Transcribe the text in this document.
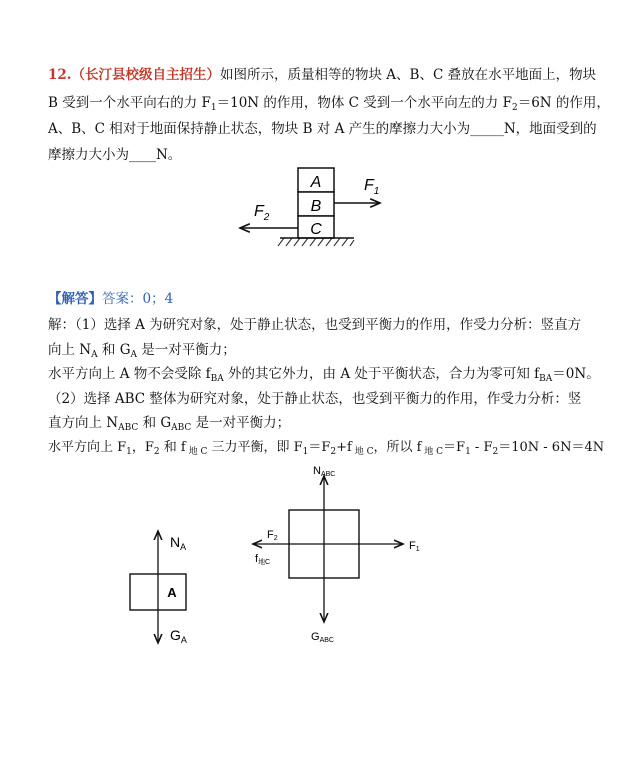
12.（长汀县校级自主招生）如图所示，质量相等的物块 A、B、C 叠放在水平地面上，物块
B 受到一个水平向右的力 $F_1=10N$ 的作用，物体 C 受到一个水平向左的力 $F_2=6N$ 的作用，
A、B、C 相对于地面保持静止状态，物块 B 对 A 产生的摩擦力大小为_____N，地面受到的
摩擦力大小为____N。
A
B
C
$F_1$
$F_2$
【解答】答案：0；4
解：（1）选择 A 为研究对象，处于静止状态，也受到平衡力的作用，作受力分析：竖直方
向上 $N_A$ 和 $G_A$ 是一对平衡力；
水平方向上 A 物不会受除 $f_{BA}$ 外的其它外力，由 A 处于平衡状态，合力为零可知 $f_{BA}=0N$。
（2）选择 ABC 整体为研究对象，处于静止状态，也受到平衡力的作用，作受力分析：竖
直方向上 $N_{ABC}$ 和 $G_{ABC}$ 是一对平衡力；
水平方向上 $F_1$，$F_2$ 和 f $_{地 C}$ 三力平衡，即 $F_1=F_2+f$ $_{地 C}$，所以 f $_{地 C}=F_1 - F_2=10N - 6N=4N$
A
$N_A$
$G_A$
NABC
F2
F1
f地C
GABC
